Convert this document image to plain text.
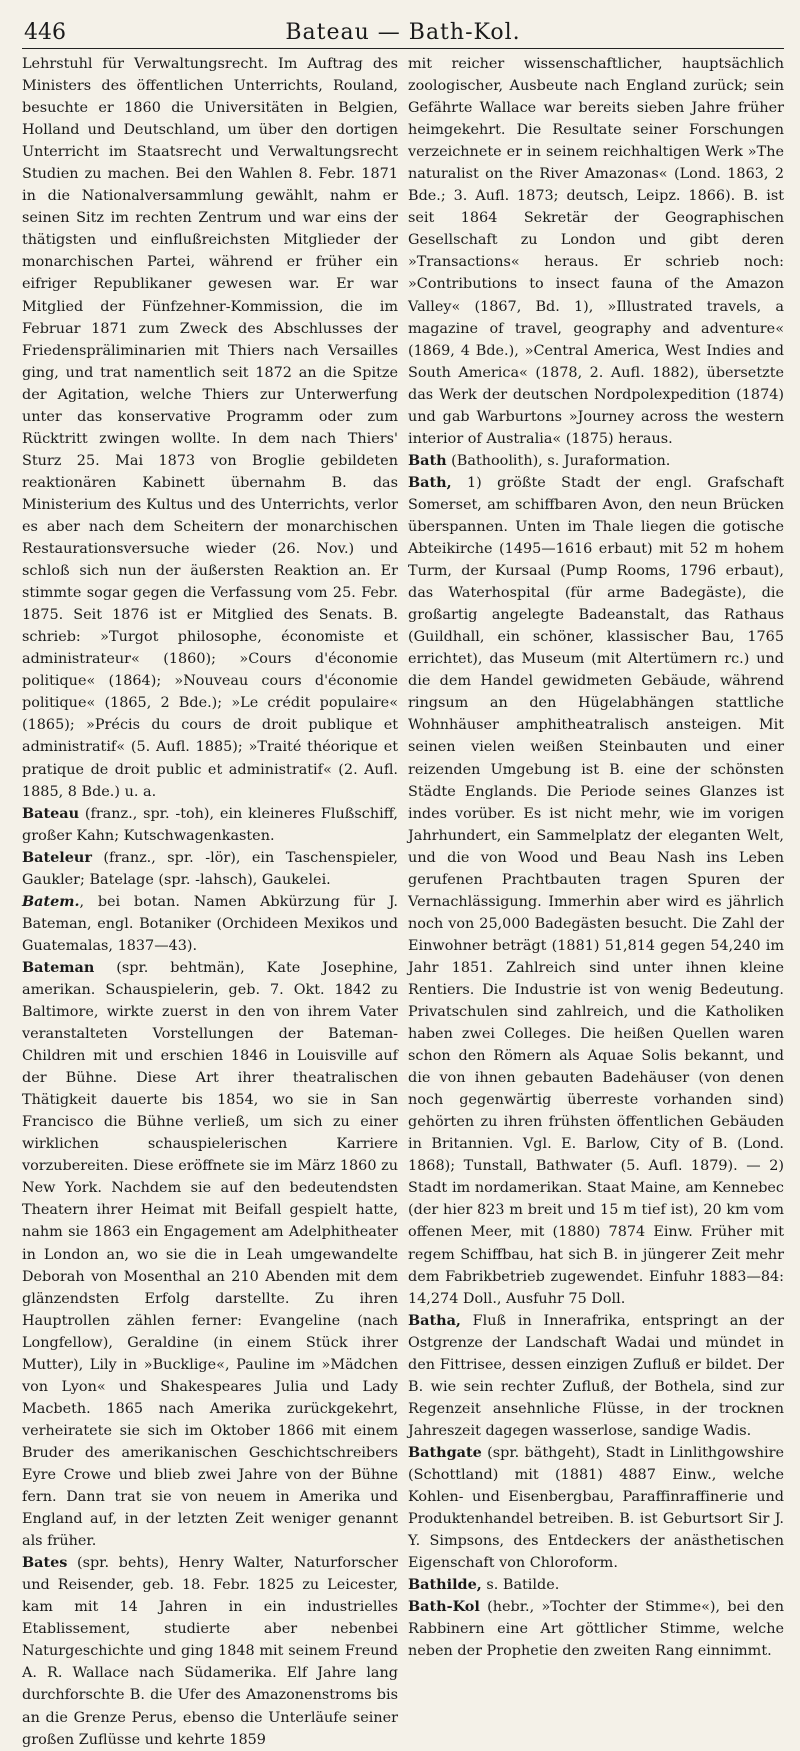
446	Bateau — Bath-Kol.

Lehrstuhl für Verwaltungsrecht. Im Auftrag des Ministers des öffentlichen Unterrichts, Rouland, besuchte er 1860 die Universitäten in Belgien, Holland und Deutschland, um über den dortigen Unterricht im Staatsrecht und Verwaltungsrecht Studien zu machen. Bei den Wahlen 8. Febr. 1871 in die Nationalversammlung gewählt, nahm er seinen Sitz im rechten Zentrum und war eins der thätigsten und einflußreichsten Mitglieder der monarchischen Partei, während er früher ein eifriger Republikaner gewesen war. Er war Mitglied der Fünfzehner-Kommission, die im Februar 1871 zum Zweck des Abschlusses der Friedenspräliminarien mit Thiers nach Versailles ging, und trat namentlich seit 1872 an die Spitze der Agitation, welche Thiers zur Unterwerfung unter das konservative Programm oder zum Rücktritt zwingen wollte. In dem nach Thiers' Sturz 25. Mai 1873 von Broglie gebildeten reaktionären Kabinett übernahm B. das Ministerium des Kultus und des Unterrichts, verlor es aber nach dem Scheitern der monarchischen Restaurationsversuche wieder (26. Nov.) und schloß sich nun der äußersten Reaktion an. Er stimmte sogar gegen die Verfassung vom 25. Febr. 1875. Seit 1876 ist er Mitglied des Senats. B. schrieb: »Turgot philosophe, économiste et administrateur« (1860); »Cours d'économie politique« (1864); »Nouveau cours d'économie politique« (1865, 2 Bde.); »Le crédit populaire« (1865); »Précis du cours de droit publique et administratif« (5. Aufl. 1885); »Traité théorique et pratique de droit public et administratif« (2. Aufl. 1885, 8 Bde.) u. a.

Bateau (franz., spr. -toh), ein kleineres Flußschiff, großer Kahn; Kutschwagenkasten.

Bateleur (franz., spr. -lör), ein Taschenspieler, Gaukler; Batelage (spr. -lahsch), Gaukelei.

Batem., bei botan. Namen Abkürzung für J. Bateman, engl. Botaniker (Orchideen Mexikos und Guatemalas, 1837—43).

Bateman (spr. behtmän), Kate Josephine, amerikan. Schauspielerin, geb. 7. Okt. 1842 zu Baltimore, wirkte zuerst in den von ihrem Vater veranstalteten Vorstellungen der Bateman-Children mit und erschien 1846 in Louisville auf der Bühne. Diese Art ihrer theatralischen Thätigkeit dauerte bis 1854, wo sie in San Francisco die Bühne verließ, um sich zu einer wirklichen schauspielerischen Karriere vorzubereiten. Diese eröffnete sie im März 1860 zu New York. Nachdem sie auf den bedeutendsten Theatern ihrer Heimat mit Beifall gespielt hatte, nahm sie 1863 ein Engagement am Adelphitheater in London an, wo sie die in Leah umgewandelte Deborah von Mosenthal an 210 Abenden mit dem glänzendsten Erfolg darstellte. Zu ihren Hauptrollen zählen ferner: Evangeline (nach Longfellow), Geraldine (in einem Stück ihrer Mutter), Lily in »Bucklige«, Pauline im »Mädchen von Lyon« und Shakespeares Julia und Lady Macbeth. 1865 nach Amerika zurückgekehrt, verheiratete sie sich im Oktober 1866 mit einem Bruder des amerikanischen Geschichtschreibers Eyre Crowe und blieb zwei Jahre von der Bühne fern. Dann trat sie von neuem in Amerika und England auf, in der letzten Zeit weniger genannt als früher.

Bates (spr. behts), Henry Walter, Naturforscher und Reisender, geb. 18. Febr. 1825 zu Leicester, kam mit 14 Jahren in ein industrielles Etablissement, studierte aber nebenbei Naturgeschichte und ging 1848 mit seinem Freund A. R. Wallace nach Südamerika. Elf Jahre lang durchforschte B. die Ufer des Amazonenstroms bis an die Grenze Perus, ebenso die Unterläufe seiner großen Zuflüsse und kehrte 1859

mit reicher wissenschaftlicher, hauptsächlich zoologischer, Ausbeute nach England zurück; sein Gefährte Wallace war bereits sieben Jahre früher heimgekehrt. Die Resultate seiner Forschungen verzeichnete er in seinem reichhaltigen Werk »The naturalist on the River Amazonas« (Lond. 1863, 2 Bde.; 3. Aufl. 1873; deutsch, Leipz. 1866). B. ist seit 1864 Sekretär der Geographischen Gesellschaft zu London und gibt deren »Transactions« heraus. Er schrieb noch: »Contributions to insect fauna of the Amazon Valley« (1867, Bd. 1), »Illustrated travels, a magazine of travel, geography and adventure« (1869, 4 Bde.), »Central America, West Indies and South America« (1878, 2. Aufl. 1882), übersetzte das Werk der deutschen Nordpolexpedition (1874) und gab Warburtons »Journey across the western interior of Australia« (1875) heraus.

Bath (Bathoolith), s. Juraformation.

Bath, 1) größte Stadt der engl. Grafschaft Somerset, am schiffbaren Avon, den neun Brücken überspannen. Unten im Thale liegen die gotische Abteikirche (1495—1616 erbaut) mit 52 m hohem Turm, der Kursaal (Pump Rooms, 1796 erbaut), das Waterhospital (für arme Badegäste), die großartig angelegte Badeanstalt, das Rathaus (Guildhall, ein schöner, klassischer Bau, 1765 errichtet), das Museum (mit Altertümern rc.) und die dem Handel gewidmeten Gebäude, während ringsum an den Hügelabhängen stattliche Wohnhäuser amphitheatralisch ansteigen. Mit seinen vielen weißen Steinbauten und einer reizenden Umgebung ist B. eine der schönsten Städte Englands. Die Periode seines Glanzes ist indes vorüber. Es ist nicht mehr, wie im vorigen Jahrhundert, ein Sammelplatz der eleganten Welt, und die von Wood und Beau Nash ins Leben gerufenen Prachtbauten tragen Spuren der Vernachlässigung. Immerhin aber wird es jährlich noch von 25,000 Badegästen besucht. Die Zahl der Einwohner beträgt (1881) 51,814 gegen 54,240 im Jahr 1851. Zahlreich sind unter ihnen kleine Rentiers. Die Industrie ist von wenig Bedeutung. Privatschulen sind zahlreich, und die Katholiken haben zwei Colleges. Die heißen Quellen waren schon den Römern als Aquae Solis bekannt, und die von ihnen gebauten Badehäuser (von denen noch gegenwärtig überreste vorhanden sind) gehörten zu ihren frühsten öffentlichen Gebäuden in Britannien. Vgl. E. Barlow, City of B. (Lond. 1868); Tunstall, Bathwater (5. Aufl. 1879). — 2) Stadt im nordamerikan. Staat Maine, am Kennebec (der hier 823 m breit und 15 m tief ist), 20 km vom offenen Meer, mit (1880) 7874 Einw. Früher mit regem Schiffbau, hat sich B. in jüngerer Zeit mehr dem Fabrikbetrieb zugewendet. Einfuhr 1883—84: 14,274 Doll., Ausfuhr 75 Doll.

Batha, Fluß in Innerafrika, entspringt an der Ostgrenze der Landschaft Wadai und mündet in den Fittrisee, dessen einzigen Zufluß er bildet. Der B. wie sein rechter Zufluß, der Bothela, sind zur Regenzeit ansehnliche Flüsse, in der trocknen Jahreszeit dagegen wasserlose, sandige Wadis.

Bathgate (spr. bäthgeht), Stadt in Linlithgowshire (Schottland) mit (1881) 4887 Einw., welche Kohlen- und Eisenbergbau, Paraffinraffinerie und Produktenhandel betreiben. B. ist Geburtsort Sir J. Y. Simpsons, des Entdeckers der anästhetischen Eigenschaft von Chloroform.

Bathilde, s. Batilde.

Bath-Kol (hebr., »Tochter der Stimme«), bei den Rabbinern eine Art göttlicher Stimme, welche neben der Prophetie den zweiten Rang einnimmt.
